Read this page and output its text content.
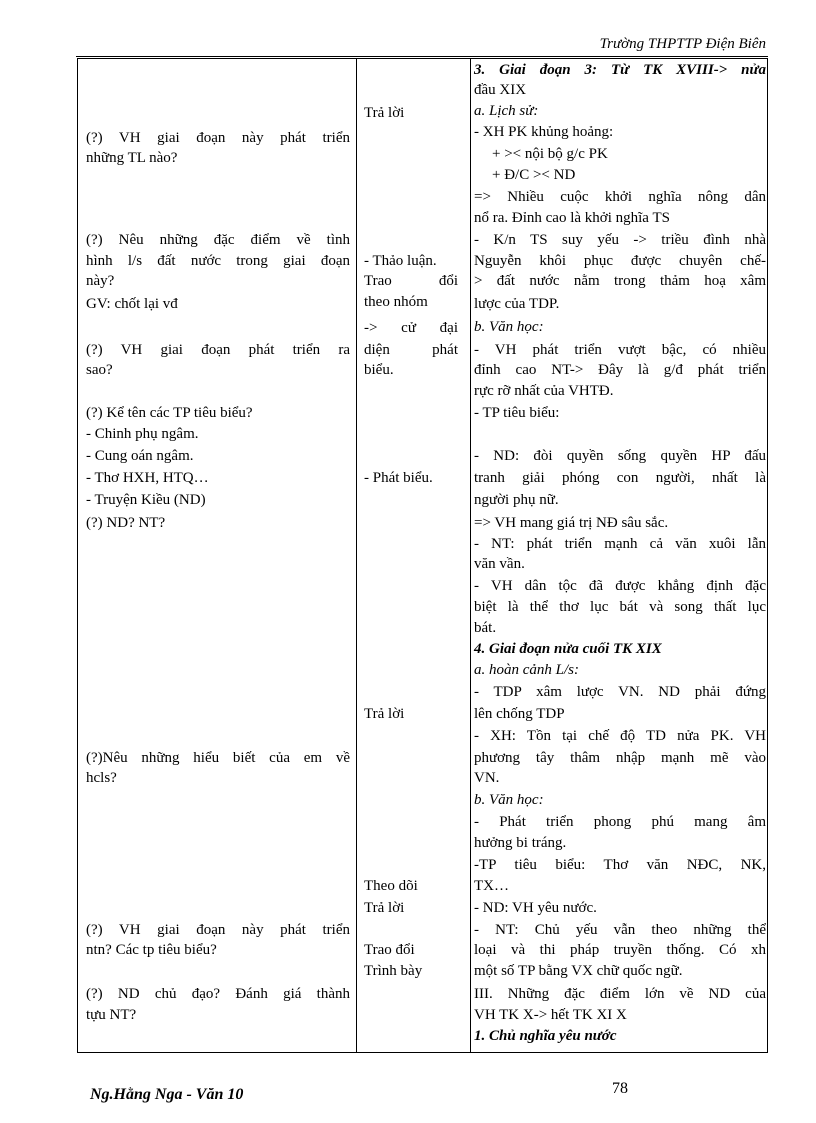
Trường THPTTP Điện Biên
(?) VH giai đoạn này phát triển
những TL nào?
(?) Nêu những đặc điểm về tình
hình l/s đất nước trong giai đoạn
này?
GV: chốt lại vđ
(?) VH giai đoạn phát triển ra
sao?
(?) Kể tên các TP tiêu biểu?
- Chinh phụ ngâm.
- Cung oán ngâm.
- Thơ HXH, HTQ…
- Truyện Kiều (ND)
(?) ND? NT?
(?)Nêu những hiểu biết của em về
hcls?
(?) VH giai đoạn này phát triển
ntn? Các tp tiêu biểu?
(?) ND chủ đạo? Đánh giá thành
tựu NT?
Trả lời
- Thảo luận.
Trao đổi
theo nhóm
-> cử đại
diện phát
biểu.
- Phát biểu.
Trả lời
Theo dõi
Trả lời
Trao đổi
Trình bày
3. Giai đoạn 3: Từ TK XVIII-> nửa
đầu XIX
a. Lịch sử:
- XH PK khủng hoảng:
+ >< nội bộ g/c PK
+ Đ/C >< ND
=> Nhiều cuộc khởi nghĩa nông dân
nổ ra. Đỉnh cao là khởi nghĩa TS
- K/n TS suy yếu -> triều đình nhà
Nguyễn khôi phục được chuyên chế-
> đất nước nằm trong thảm hoạ xâm
lược của TDP.
b. Văn học:
- VH phát triển vượt bậc, có nhiều
đỉnh cao NT-> Đây là g/đ phát triển
rực rỡ nhất của VHTĐ.
- TP tiêu biểu:
- ND: đòi quyền sống quyền HP đấu
tranh giải phóng con người, nhất là
người phụ nữ.
=> VH mang giá trị NĐ sâu sắc.
- NT: phát triển mạnh cả văn xuôi lẫn
văn vần.
- VH dân tộc đã được khẳng định đặc
biệt là thể thơ lục bát và song thất lục
bát.
4. Giai đoạn nửa cuối TK XIX
a. hoàn cảnh L/s:
- TDP xâm lược VN. ND phải đứng
lên chống TDP
- XH: Tồn tại chế độ TD nửa PK. VH
phương tây thâm nhập mạnh mẽ vào
VN.
b. Văn học:
- Phát triển phong phú mang âm
hưởng bi tráng.
-TP tiêu biểu: Thơ văn NĐC, NK,
TX…
- ND: VH yêu nước.
- NT: Chủ yếu vẫn theo những thể
loại và thi pháp truyền thống. Có xh
một số TP bằng VX chữ quốc ngữ.
III. Những đặc điểm lớn về ND của
VH TK X-> hết TK XI X
1. Chủ nghĩa yêu nước
Ng.Hằng Nga - Văn 10	78
